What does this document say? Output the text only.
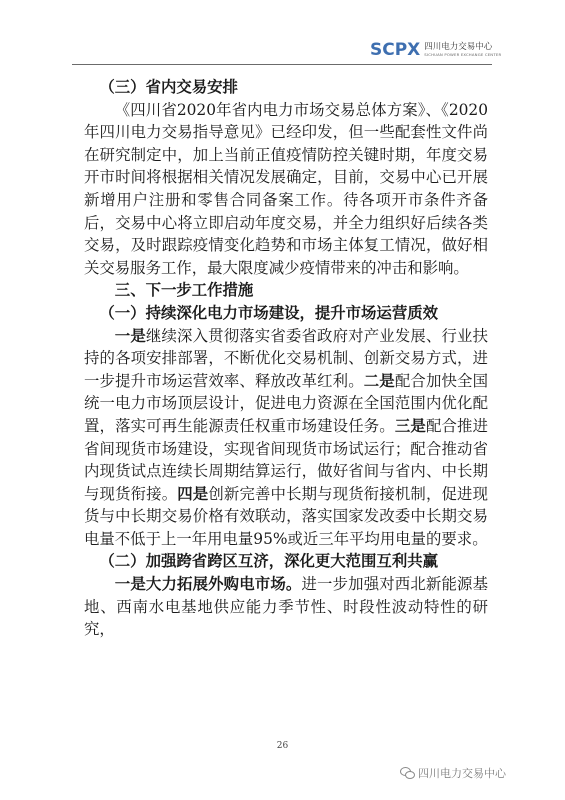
SCPX 四川电力交易中心
SICHUAN POWER EXCHANGE CENTER

（三）省内交易安排

《四川省2020年省内电力市场交易总体方案》、《2020年四川电力交易指导意见》已经印发，但一些配套性文件尚在研究制定中，加上当前正值疫情防控关键时期，年度交易开市时间将根据相关情况发展确定，目前，交易中心已开展新增用户注册和零售合同备案工作。待各项开市条件齐备后，交易中心将立即启动年度交易，并全力组织好后续各类交易，及时跟踪疫情变化趋势和市场主体复工情况，做好相关交易服务工作，最大限度减少疫情带来的冲击和影响。

三、下一步工作措施

（一）持续深化电力市场建设，提升市场运营质效

一是继续深入贯彻落实省委省政府对产业发展、行业扶持的各项安排部署，不断优化交易机制、创新交易方式，进一步提升市场运营效率、释放改革红利。二是配合加快全国统一电力市场顶层设计，促进电力资源在全国范围内优化配置，落实可再生能源责任权重市场建设任务。三是配合推进省间现货市场建设，实现省间现货市场试运行；配合推动省内现货试点连续长周期结算运行，做好省间与省内、中长期与现货衔接。四是创新完善中长期与现货衔接机制，促进现货与中长期交易价格有效联动，落实国家发改委中长期交易电量不低于上一年用电量95%或近三年平均用电量的要求。

（二）加强跨省跨区互济，深化更大范围互利共赢

一是大力拓展外购电市场。进一步加强对西北新能源基地、西南水电基地供应能力季节性、时段性波动特性的研究，

26
四川电力交易中心
